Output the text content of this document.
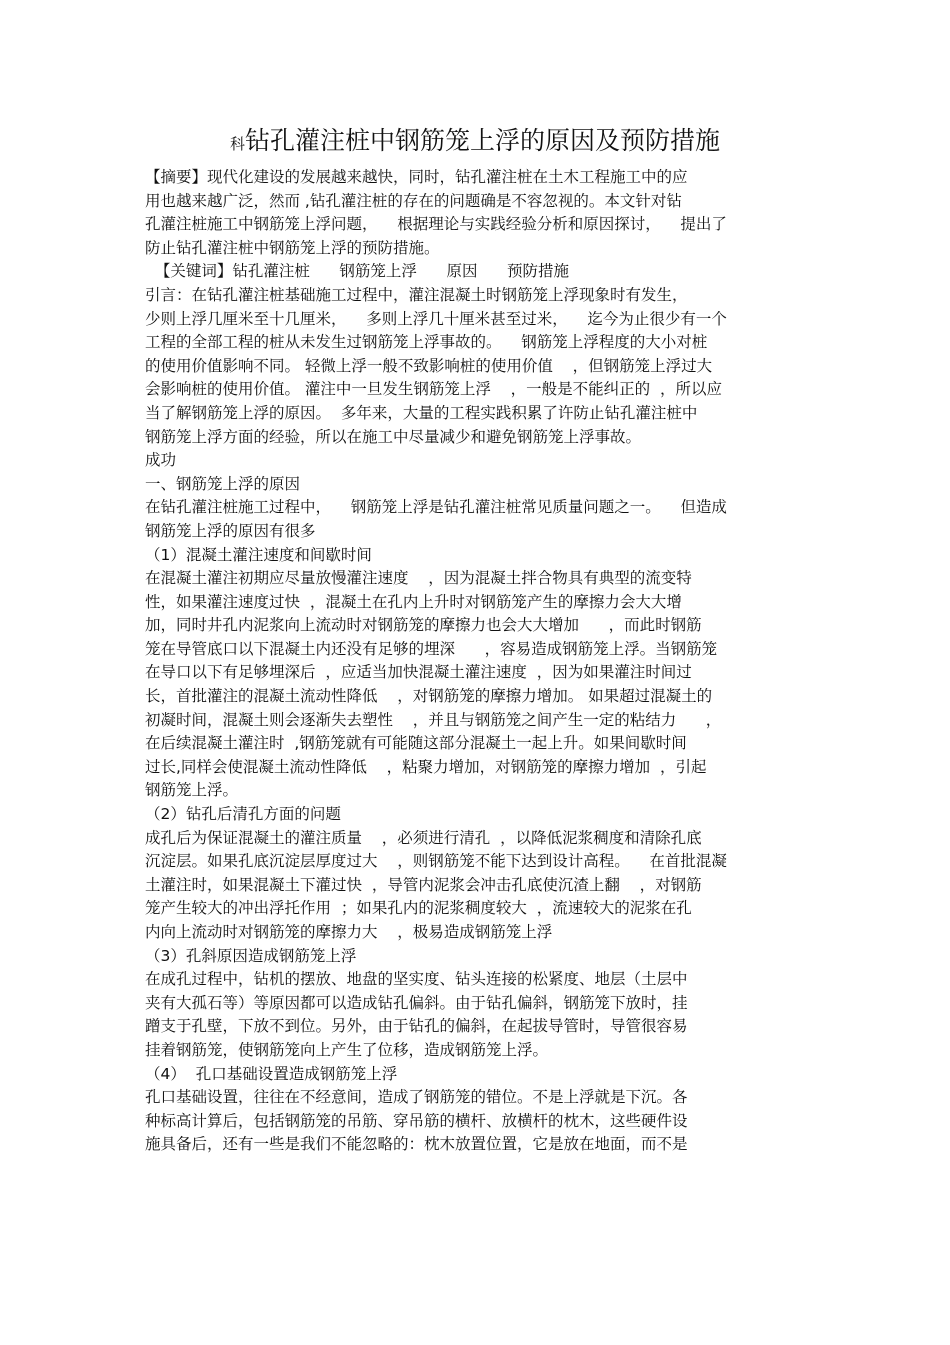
科钻孔灌注桩中钢筋笼上浮的原因及预防措施
【摘要】现代化建设的发展越来越快，同时，钻孔灌注桩在土木工程施工中的应
用也越来越广泛，然而 ,钻孔灌注桩的存在的问题确是不容忽视的。本文针对钻
孔灌注桩施工中钢筋笼上浮问题，    根据理论与实践经验分析和原因探讨，    提出了
防止钻孔灌注桩中钢筋笼上浮的预防措施。
【关键词】钻孔灌注桩      钢筋笼上浮      原因      预防措施
引言：在钻孔灌注桩基础施工过程中，灌注混凝土时钢筋笼上浮现象时有发生，
少则上浮几厘米至十几厘米，    多则上浮几十厘米甚至过米，    迄今为止很少有一个
工程的全部工程的桩从未发生过钢筋笼上浮事故的。    钢筋笼上浮程度的大小对桩
的使用价值影响不同。 轻微上浮一般不致影响桩的使用价值    ，但钢筋笼上浮过大
会影响桩的使用价值。 灌注中一旦发生钢筋笼上浮    ，一般是不能纠正的  ，所以应
当了解钢筋笼上浮的原因。  多年来，大量的工程实践积累了许防止钻孔灌注桩中
钢筋笼上浮方面的经验，所以在施工中尽量减少和避免钢筋笼上浮事故。
成功
一、钢筋笼上浮的原因
在钻孔灌注桩施工过程中，    钢筋笼上浮是钻孔灌注桩常见质量问题之一。    但造成
钢筋笼上浮的原因有很多
（1）混凝土灌注速度和间歇时间
在混凝土灌注初期应尽量放慢灌注速度    ，因为混凝土拌合物具有典型的流变特
性，如果灌注速度过快  ，混凝土在孔内上升时对钢筋笼产生的摩擦力会大大增
加，同时井孔内泥浆向上流动时对钢筋笼的摩擦力也会大大增加      ，而此时钢筋
笼在导管底口以下混凝土内还没有足够的埋深      ，容易造成钢筋笼上浮。当钢筋笼
在导口以下有足够埋深后  ，应适当加快混凝土灌注速度  ，因为如果灌注时间过
长，首批灌注的混凝土流动性降低    ，对钢筋笼的摩擦力增加。 如果超过混凝土的
初凝时间，混凝土则会逐渐失去塑性    ，并且与钢筋笼之间产生一定的粘结力      ，
在后续混凝土灌注时  ,钢筋笼就有可能随这部分混凝土一起上升。如果间歇时间
过长,同样会使混凝土流动性降低    ，粘聚力增加，对钢筋笼的摩擦力增加  ，引起
钢筋笼上浮。
（2）钻孔后清孔方面的问题
成孔后为保证混凝土的灌注质量    ，必须进行清孔  ，以降低泥浆稠度和清除孔底
沉淀层。如果孔底沉淀层厚度过大    ，则钢筋笼不能下达到设计高程。    在首批混凝
土灌注时，如果混凝土下灌过快  ，导管内泥浆会冲击孔底使沉渣上翻    ，对钢筋
笼产生较大的冲出浮托作用  ；如果孔内的泥浆稠度较大  ，流速较大的泥浆在孔
内向上流动时对钢筋笼的摩擦力大    ，极易造成钢筋笼上浮
（3）孔斜原因造成钢筋笼上浮
在成孔过程中，钻机的摆放、地盘的坚实度、钻头连接的松紧度、地层（土层中
夹有大孤石等）等原因都可以造成钻孔偏斜。由于钻孔偏斜，钢筋笼下放时，挂
蹭支于孔壁，下放不到位。另外，由于钻孔的偏斜，在起拔导管时，导管很容易
挂着钢筋笼，使钢筋笼向上产生了位移，造成钢筋笼上浮。
（4）  孔口基础设置造成钢筋笼上浮
孔口基础设置，往往在不经意间，造成了钢筋笼的错位。不是上浮就是下沉。各
种标高计算后，包括钢筋笼的吊筋、穿吊筋的横杆、放横杆的枕木，这些硬件设
施具备后，还有一些是我们不能忽略的：枕木放置位置，它是放在地面，而不是
